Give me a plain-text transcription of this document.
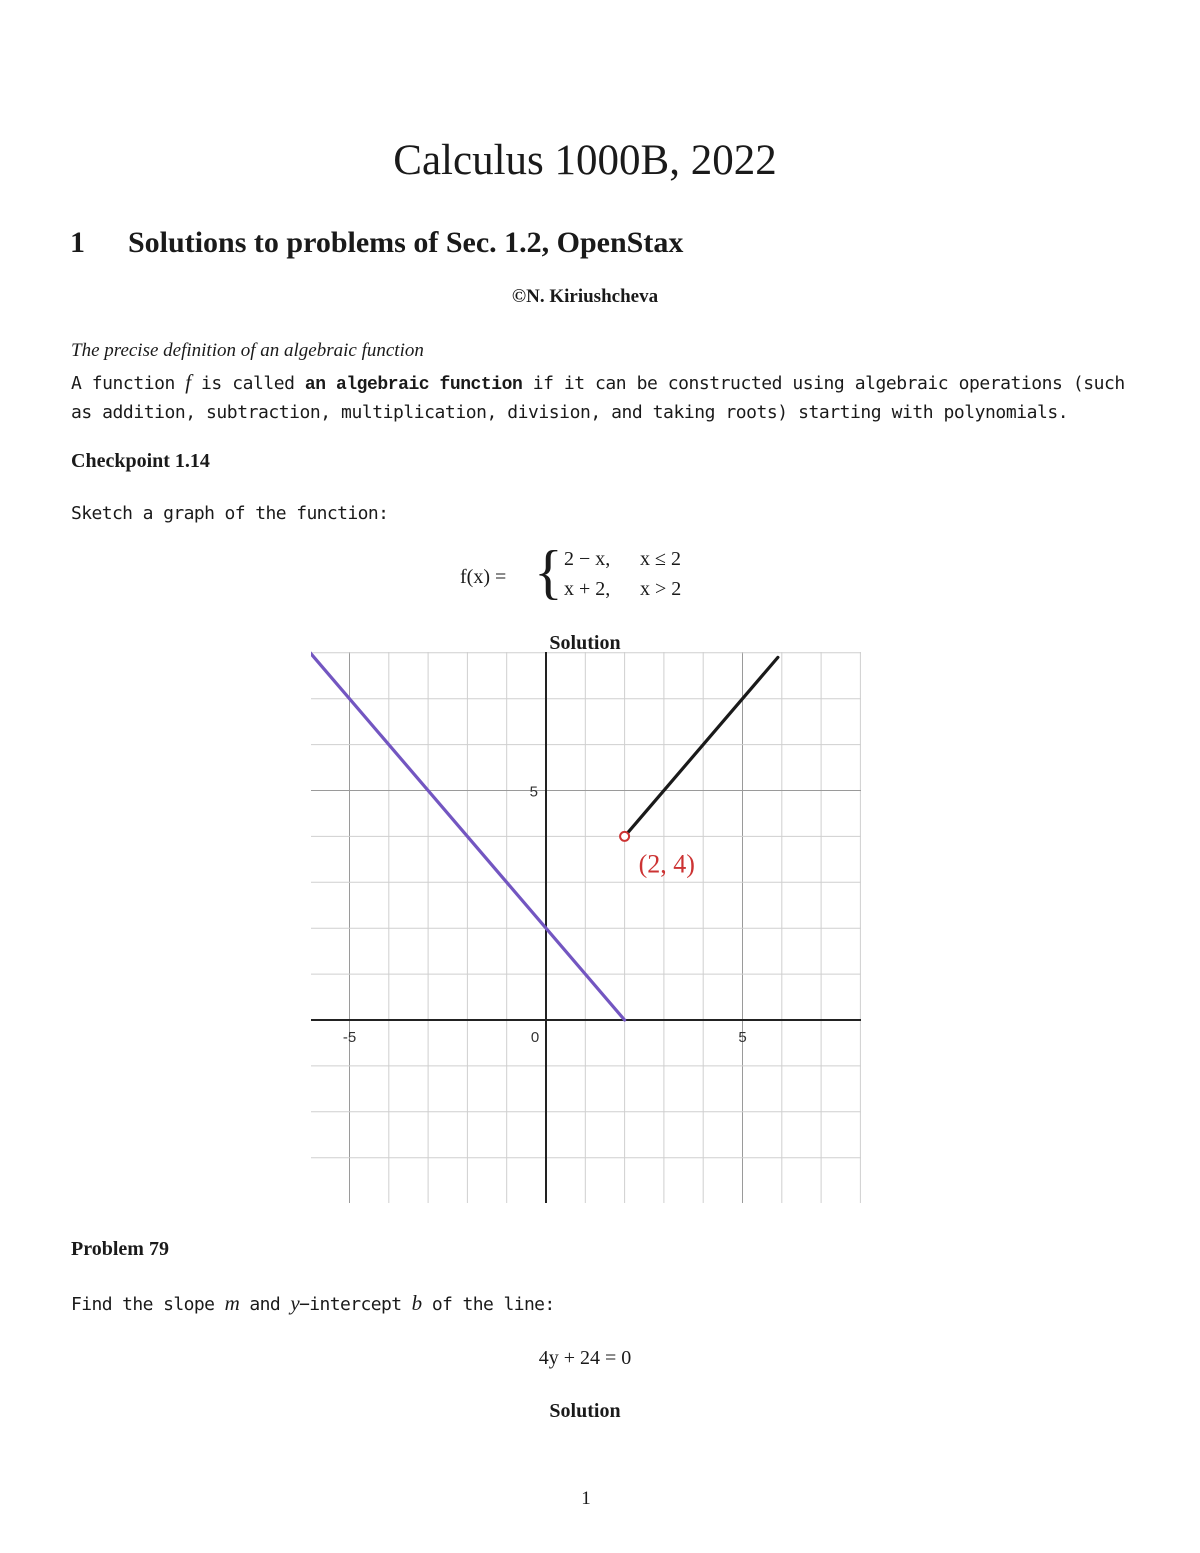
Calculus 1000B, 2022
1 Solutions to problems of Sec. 1.2, OpenStax
©N. Kiriushcheva
The precise definition of an algebraic function
A function f is called an algebraic function if it can be constructed using algebraic operations (such as addition, subtraction, multiplication, division, and taking roots) starting with polynomials.
Checkpoint 1.14
Sketch a graph of the function:
f(x) = { 2 − x, x ≤ 2
x + 2, x > 2
-5	0	5
5
(2, 4)
Solution
Problem 79
Find the slope m and y−intercept b of the line:
4y + 24 = 0
Solution
1
